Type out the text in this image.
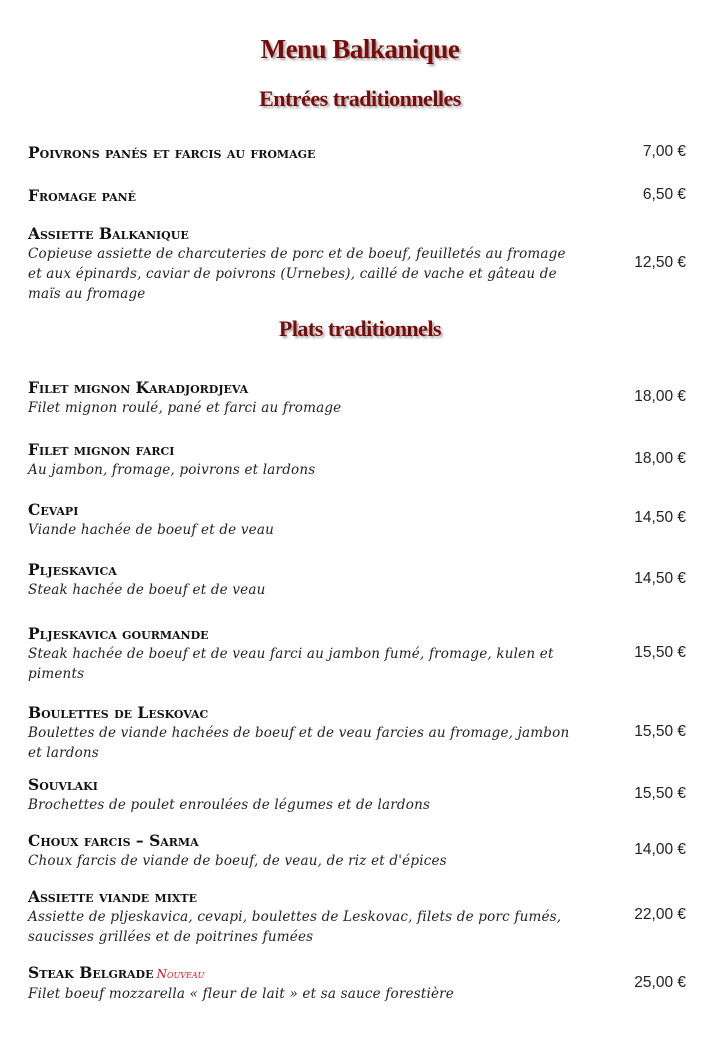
Menu Balkanique
Entrées traditionnelles
Poivrons panés et farcis au fromage	7,00 €
Fromage pané	6,50 €
Assiette Balkanique
Copieuse assiette de charcuteries de porc et de boeuf, feuilletés au fromage et aux épinards, caviar de poivrons (Urnebes), caillé de vache et gâteau de maïs au fromage
12,50 €
Plats traditionnels
Filet mignon Karadjordjeva
Filet mignon roulé, pané et farci au fromage
18,00 €
Filet mignon farci
Au jambon, fromage, poivrons et lardons
18,00 €
Cevapi
Viande hachée de boeuf et de veau
14,50 €
Pljeskavica
Steak hachée de boeuf et de veau
14,50 €
Pljeskavica gourmande
Steak hachée de boeuf et de veau farci au jambon fumé, fromage, kulen et piments
15,50 €
Boulettes de Leskovac
Boulettes de viande hachées de boeuf et de veau farcies au fromage, jambon et lardons
15,50 €
Souvlaki
Brochettes de poulet enroulées de légumes et de lardons
15,50 €
Choux farcis – Sarma
Choux farcis de viande de boeuf, de veau, de riz et d'épices
14,00 €
Assiette viande mixte
Assiette de pljeskavica, cevapi, boulettes de Leskovac, filets de porc fumés, saucisses grillées et de poitrines fumées
22,00 €
Steak Belgrade Nouveau
Filet boeuf mozzarella « fleur de lait » et sa sauce forestière
25,00 €
